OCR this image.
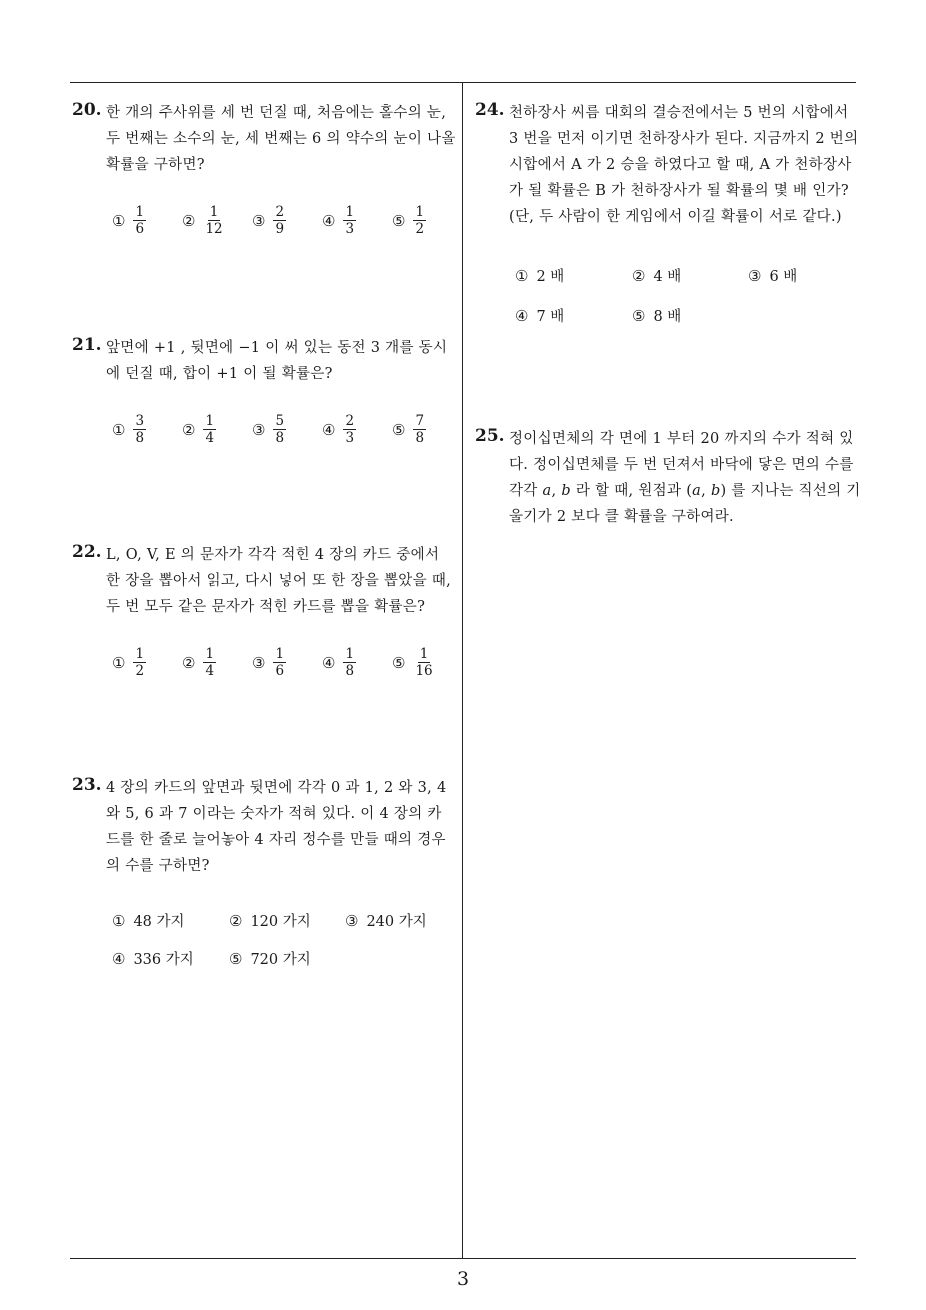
20. 한 개의 주사위를 세 번 던질 때, 처음에는 홀수의 눈, 두 번째는 소수의 눈, 세 번째는 6 의 약수의 눈이 나올 확률을 구하면?
① $\frac{1}{6}$ ② $\frac{1}{12}$ ③ $\frac{2}{9}$ ④ $\frac{1}{3}$ ⑤ $\frac{1}{2}$
21. 앞면에 +1 , 뒷면에 −1 이 써 있는 동전 3 개를 동시에 던질 때, 합이 +1 이 될 확률은?
① $\frac{3}{8}$ ② $\frac{1}{4}$ ③ $\frac{5}{8}$ ④ $\frac{2}{3}$ ⑤ $\frac{7}{8}$
22. L, O, V, E 의 문자가 각각 적힌 4 장의 카드 중에서 한 장을 뽑아서 읽고, 다시 넣어 또 한 장을 뽑았을 때, 두 번 모두 같은 문자가 적힌 카드를 뽑을 확률은?
① $\frac{1}{2}$ ② $\frac{1}{4}$ ③ $\frac{1}{6}$ ④ $\frac{1}{8}$ ⑤ $\frac{1}{16}$
23. 4 장의 카드의 앞면과 뒷면에 각각 0 과 1, 2 와 3, 4 와 5, 6 과 7 이라는 숫자가 적혀 있다. 이 4 장의 카드를 한 줄로 늘어놓아 4 자리 정수를 만들 때의 경우의 수를 구하면?
① 48 가지	② 120 가지 ③ 240 가지
④ 336 가지 ⑤ 720 가지
24. 천하장사 씨름 대회의 결승전에서는 5 번의 시합에서 3 번을 먼저 이기면 천하장사가 된다. 지금까지 2 번의 시합에서 A 가 2 승을 하였다고 할 때, A 가 천하장사가 될 확률은 B 가 천하장사가 될 확률의 몇 배 인가? (단, 두 사람이 한 게임에서 이길 확률이 서로 같다.)
① 2 배	② 4 배	③ 6 배
④ 7 배	⑤ 8 배
25. 정이십면체의 각 면에 1 부터 20 까지의 수가 적혀 있다. 정이십면체를 두 번 던져서 바닥에 닿은 면의 수를 각각 a, b 라 할 때, 원점과 (a, b) 를 지나는 직선의 기울기가 2 보다 클 확률을 구하여라.
3
